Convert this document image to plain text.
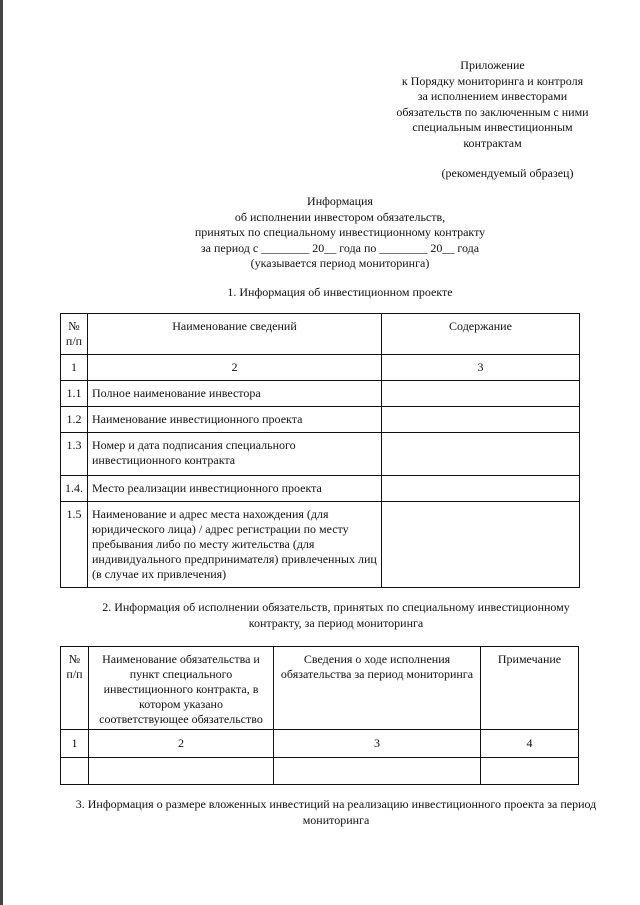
Приложение
к Порядку мониторинга и контроля
за исполнением инвесторами
обязательств по заключенным с ними
специальным инвестиционным
контрактам
(рекомендуемый образец)
Информация
об исполнении инвестором обязательств,
принятых по специальному инвестиционному контракту
за период с ________ 20__ года по ________ 20__ года
(указывается период мониторинга)
1. Информация об инвестиционном проекте
№ п/п	Наименование сведений	Содержание
1	2	3
1.1	Полное наименование инвестора	
1.2	Наименование инвестиционного проекта	
1.3	Номер и дата подписания специального инвестиционного контракта	
1.4.	Место реализации инвестиционного проекта	
1.5	Наименование и адрес места нахождения (для юридического лица) / адрес регистрации по месту пребывания либо по месту жительства (для индивидуального предпринимателя) привлеченных лиц (в случае их привлечения)	
2. Информация об исполнении обязательств, принятых по специальному инвестиционному контракту, за период мониторинга
№ п/п	Наименование обязательства и пункт специального инвестиционного контракта, в котором указано соответствующее обязательство	Сведения о ходе исполнения обязательства за период мониторинга	Примечание
1	2	3	4

3. Информация о размере вложенных инвестиций на реализацию инвестиционного проекта за период мониторинга
